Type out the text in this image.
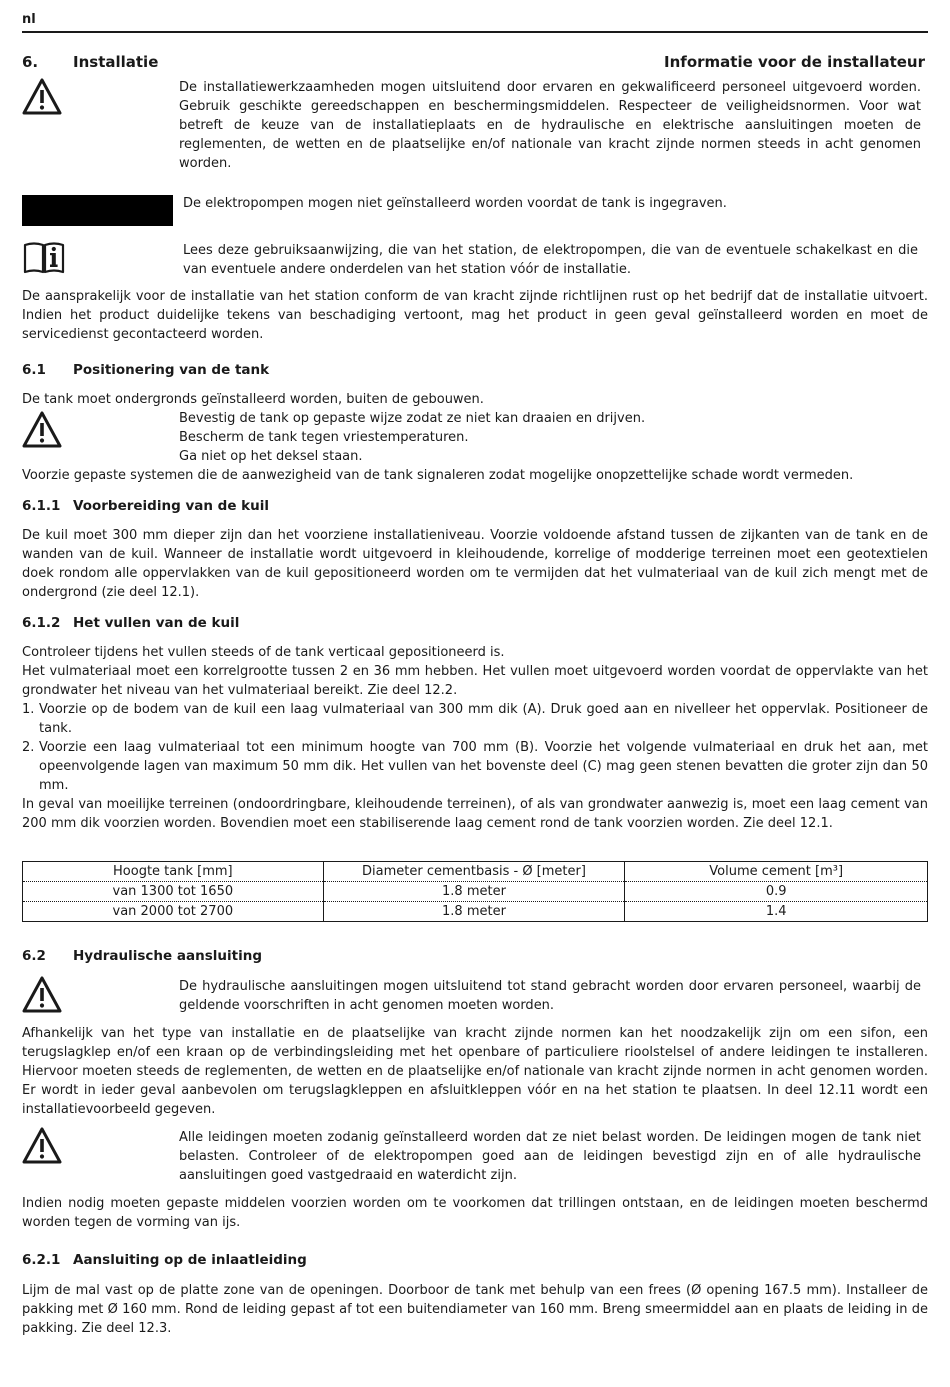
nl
6. Installatie	Informatie voor de installateur
De installatiewerkzaamheden mogen uitsluitend door ervaren en gekwalificeerd personeel uitgevoerd worden. Gebruik geschikte gereedschappen en beschermingsmiddelen. Respecteer de veiligheidsnormen. Voor wat betreft de keuze van de installatieplaats en de hydraulische en elektrische aansluitingen moeten de reglementen, de wetten en de plaatselijke en/of nationale van kracht zijnde normen steeds in acht genomen worden.
De elektropompen mogen niet geïnstalleerd worden voordat de tank is ingegraven.
Lees deze gebruiksaanwijzing, die van het station, de elektropompen, die van de eventuele schakelkast en die van eventuele andere onderdelen van het station vóór de installatie.
De aansprakelijk voor de installatie van het station conform de van kracht zijnde richtlijnen rust op het bedrijf dat de installatie uitvoert. Indien het product duidelijke tekens van beschadiging vertoont, mag het product in geen geval geïnstalleerd worden en moet de servicedienst gecontacteerd worden.
6.1 Positionering van de tank
De tank moet ondergronds geïnstalleerd worden, buiten de gebouwen.
Bevestig de tank op gepaste wijze zodat ze niet kan draaien en drijven.
Bescherm de tank tegen vriestemperaturen.
Ga niet op het deksel staan.
Voorzie gepaste systemen die de aanwezigheid van de tank signaleren zodat mogelijke onopzettelijke schade wordt vermeden.
6.1.1 Voorbereiding van de kuil
De kuil moet 300 mm dieper zijn dan het voorziene installatieniveau. Voorzie voldoende afstand tussen de zijkanten van de tank en de wanden van de kuil. Wanneer de installatie wordt uitgevoerd in kleihoudende, korrelige of modderige terreinen moet een geotextielen doek rondom alle oppervlakken van de kuil gepositioneerd worden om te vermijden dat het vulmateriaal van de kuil zich mengt met de ondergrond (zie deel 12.1).
6.1.2 Het vullen van de kuil
Controleer tijdens het vullen steeds of de tank verticaal gepositioneerd is.
Het vulmateriaal moet een korrelgrootte tussen 2 en 36 mm hebben. Het vullen moet uitgevoerd worden voordat de oppervlakte van het grondwater het niveau van het vulmateriaal bereikt. Zie deel 12.2.
1. Voorzie op de bodem van de kuil een laag vulmateriaal van 300 mm dik (A). Druk goed aan en nivelleer het oppervlak. Positioneer de tank.
2. Voorzie een laag vulmateriaal tot een minimum hoogte van 700 mm (B). Voorzie het volgende vulmateriaal en druk het aan, met opeenvolgende lagen van maximum 50 mm dik. Het vullen van het bovenste deel (C) mag geen stenen bevatten die groter zijn dan 50 mm.
In geval van moeilijke terreinen (ondoordringbare, kleihoudende terreinen), of als van grondwater aanwezig is, moet een laag cement van 200 mm dik voorzien worden. Bovendien moet een stabiliserende laag cement rond de tank voorzien worden. Zie deel 12.1.
Hoogte tank [mm]	Diameter cementbasis - Ø [meter]	Volume cement [m³]
van 1300 tot 1650	1.8 meter	0.9
van 2000 tot 2700	1.8 meter	1.4
6.2 Hydraulische aansluiting
De hydraulische aansluitingen mogen uitsluitend tot stand gebracht worden door ervaren personeel, waarbij de geldende voorschriften in acht genomen moeten worden.
Afhankelijk van het type van installatie en de plaatselijke van kracht zijnde normen kan het noodzakelijk zijn om een sifon, een terugslagklep en/of een kraan op de verbindingsleiding met het openbare of particuliere rioolstelsel of andere leidingen te installeren. Hiervoor moeten steeds de reglementen, de wetten en de plaatselijke en/of nationale van kracht zijnde normen in acht genomen worden. Er wordt in ieder geval aanbevolen om terugslagkleppen en afsluitkleppen vóór en na het station te plaatsen. In deel 12.11 wordt een installatievoorbeeld gegeven.
Alle leidingen moeten zodanig geïnstalleerd worden dat ze niet belast worden. De leidingen mogen de tank niet belasten. Controleer of de elektropompen goed aan de leidingen bevestigd zijn en of alle hydraulische aansluitingen goed vastgedraaid en waterdicht zijn.
Indien nodig moeten gepaste middelen voorzien worden om te voorkomen dat trillingen ontstaan, en de leidingen moeten beschermd worden tegen de vorming van ijs.
6.2.1 Aansluiting op de inlaatleiding
Lijm de mal vast op de platte zone van de openingen. Doorboor de tank met behulp van een frees (Ø opening 167.5 mm). Installeer de pakking met Ø 160 mm. Rond de leiding gepast af tot een buitendiameter van 160 mm. Breng smeermiddel aan en plaats de leiding in de pakking. Zie deel 12.3.
